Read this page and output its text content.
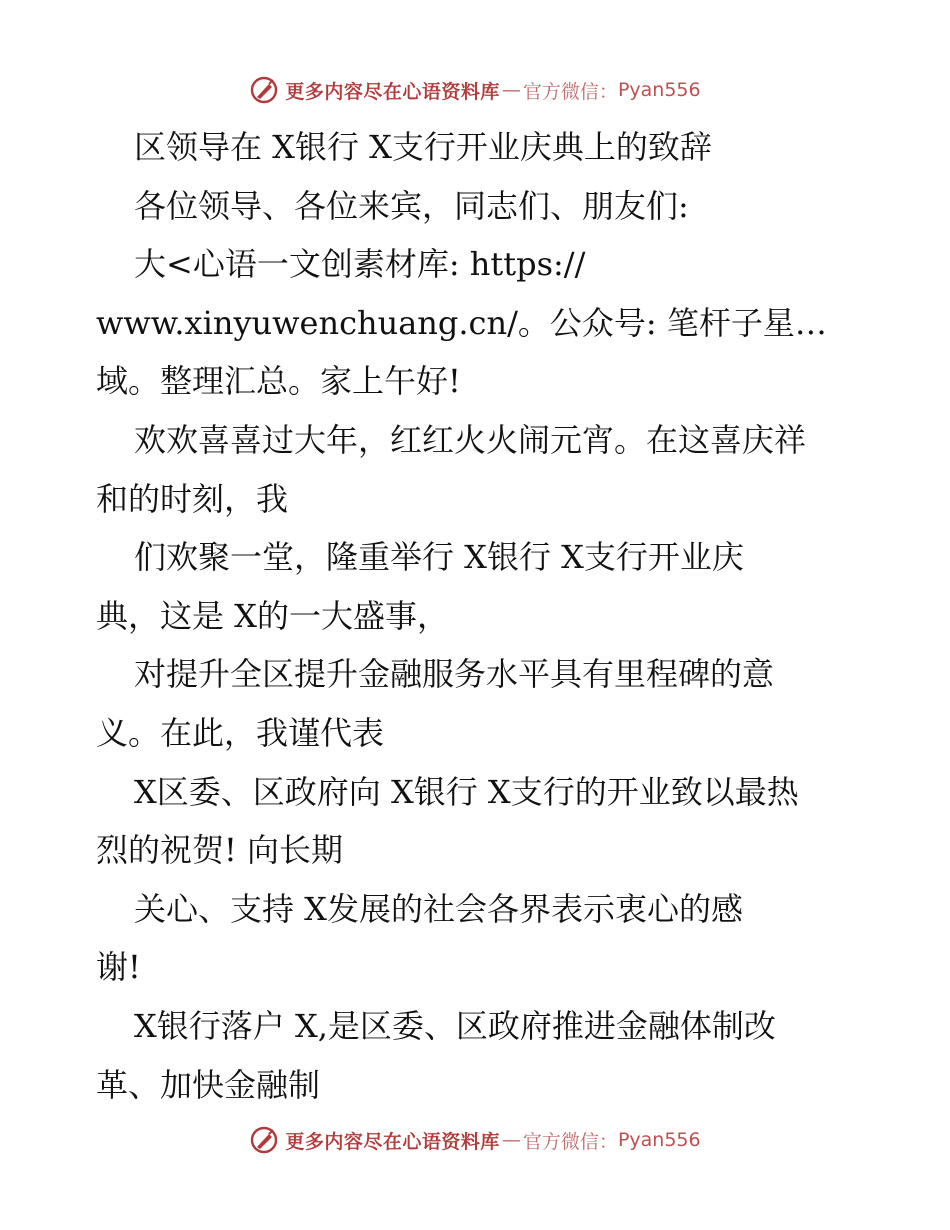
更多内容尽在心语资料库 — 官方微信： Pyan556
区领导在 X银行 X支行开业庆典上的致辞
各位领导、各位来宾，同志们、朋友们:
大<心语一文创素材库: https://
www.xinyuwenchuang.cn/。公众号: 笔杆子星…
域。整理汇总。家上午好!
欢欢喜喜过大年，红红火火闹元宵。在这喜庆祥
和的时刻，我
们欢聚一堂，隆重举行 X银行 X支行开业庆
典，这是 X的一大盛事，
对提升全区提升金融服务水平具有里程碑的意
义。在此，我谨代表
X区委、区政府向 X银行 X支行的开业致以最热
烈的祝贺! 向长期
关心、支持 X发展的社会各界表示衷心的感
谢!
X银行落户 X,是区委、区政府推进金融体制改
革、加快金融制
更多内容尽在心语资料库 — 官方微信： Pyan556
